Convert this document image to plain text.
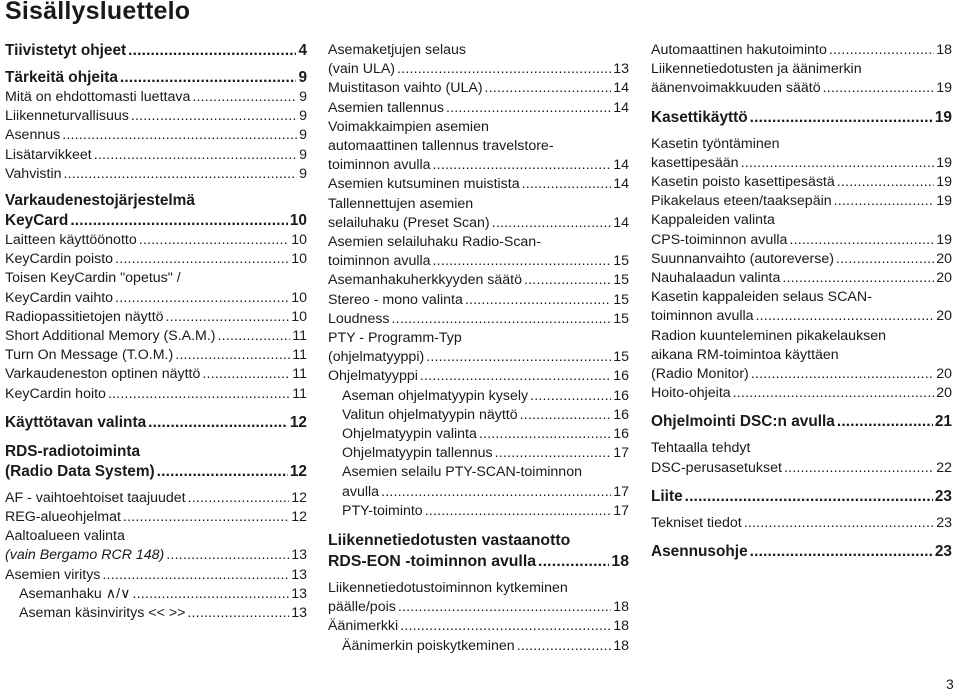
Sisällysluettelo
Tiivistetyt ohjeet .....	4
Tärkeitä ohjeita .....	9
Mitä on ehdottomasti luettava .....	9
Liikenneturvallisuus .....	9
Asennus .....	9
Lisätarvikkeet .....	9
Vahvistin .....	9
Varkaudenestojärjestelmä
KeyCard .....	10
Laitteen käyttöönotto .....	10
KeyCardin poisto .....	10
Toisen KeyCardin "opetus" /
KeyCardin vaihto .....	10
Radiopassitietojen näyttö .....	10
Short Additional Memory (S.A.M.) .....	11
Turn On Message (T.O.M.) .....	11
Varkaudeneston optinen näyttö .....	11
KeyCardin hoito .....	11
Käyttötavan valinta .....	12
RDS-radiotoiminta
(Radio Data System) .....	12
AF - vaihtoehtoiset taajuudet .....	12
REG-alueohjelmat .....	12
Aaltoalueen valinta
(vain Bergamo RCR 148) .....	13
Asemien viritys .....	13
Asemanhaku
∧ / ∨ .....	13
Aseman käsinviritys << >> .....	13
Asemaketjujen selaus
(vain ULA) .....	13
Muistitason vaihto (ULA) .....	14
Asemien tallennus .....	14
Voimakkaimpien asemien
automaattinen tallennus travelstore-
toiminnon avulla .....	14
Asemien kutsuminen muistista .....	14
Tallennettujen asemien
selailuhaku (Preset Scan) .....	14
Asemien selailuhaku Radio-Scan-
toiminnon avulla .....	15
Asemanhakuherkkyyden säätö .....	15
Stereo - mono valinta .....	15
Loudness .....	15
PTY - Programm-Typ
(ohjelmatyyppi) .....	15
Ohjelmatyyppi .....	16
Aseman ohjelmatyypin kysely .....	16
Valitun ohjelmatyypin näyttö .....	16
Ohjelmatyypin valinta .....	16
Ohjelmatyypin tallennus .....	17
Asemien selailu PTY-SCAN-toiminnon
avulla .....	17
PTY-toiminto .....	17
Liikennetiedotusten vastaanotto
RDS-EON -toiminnon avulla .....	18
Liikennetiedotustoiminnon kytkeminen
päälle/pois .....	18
Äänimerkki .....	18
Äänimerkin poiskytkeminen .....	18
Automaattinen hakutoiminto .....	18
Liikennetiedotusten ja äänimerkin
äänenvoimakkuuden säätö .....	19
Kasettikäyttö .....	19
Kasetin työntäminen
kasettipesään .....	19
Kasetin poisto kasettipesästä .....	19
Pikakelaus eteen/taaksepäin .....	19
Kappaleiden valinta
CPS-toiminnon avulla .....	19
Suunnanvaihto (autoreverse) .....	20
Nauhalaadun valinta .....	20
Kasetin kappaleiden selaus SCAN-
toiminnon avulla .....	20
Radion kuunteleminen pikakelauksen
aikana RM-toimintoa käyttäen
(Radio Monitor) .....	20
Hoito-ohjeita .....	20
Ohjelmointi DSC:n avulla .....	21
Tehtaalla tehdyt
DSC-perusasetukset .....	22
Liite .....	23
Tekniset tiedot .....	23
Asennusohje .....	23
3
